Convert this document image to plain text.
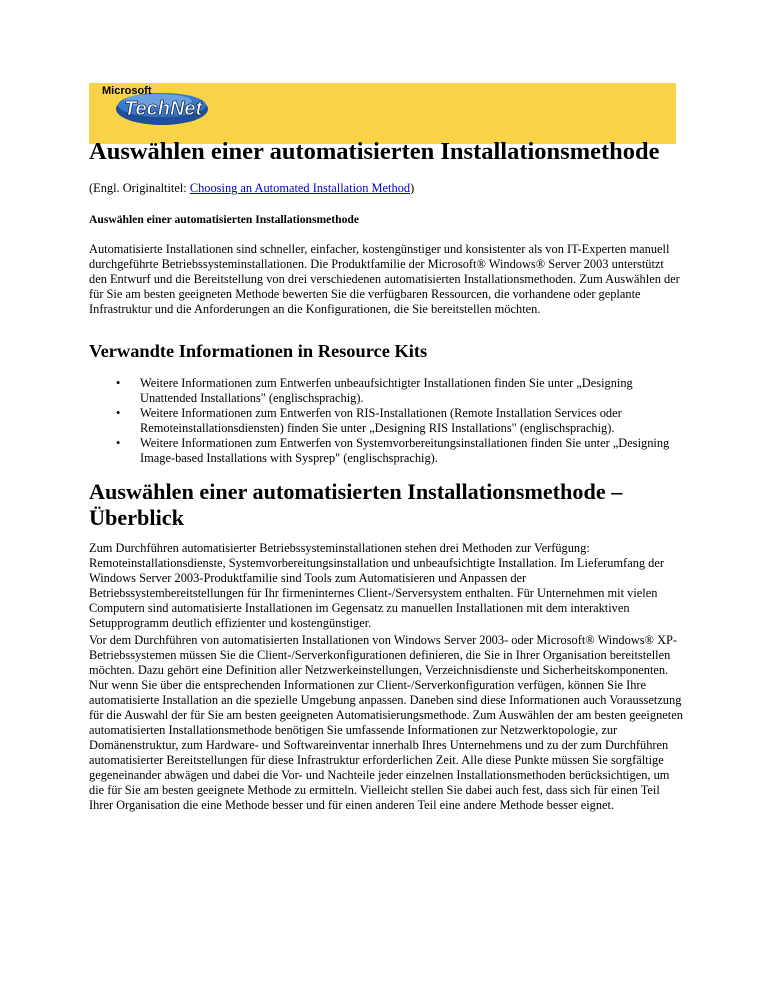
Microsoft
TechNet
Auswählen einer automatisierten Installationsmethode

(Engl. Originaltitel: Choosing an Automated Installation Method)

Auswählen einer automatisierten Installationsmethode

Automatisierte Installationen sind schneller, einfacher, kostengünstiger und konsistenter als von IT-Experten manuell durchgeführte Betriebssysteminstallationen. Die Produktfamilie der Microsoft® Windows® Server 2003 unterstützt den Entwurf und die Bereitstellung von drei verschiedenen automatisierten Installationsmethoden. Zum Auswählen der für Sie am besten geeigneten Methode bewerten Sie die verfügbaren Ressourcen, die vorhandene oder geplante Infrastruktur und die Anforderungen an die Konfigurationen, die Sie bereitstellen möchten.

Verwandte Informationen in Resource Kits
• Weitere Informationen zum Entwerfen unbeaufsichtigter Installationen finden Sie unter „Designing Unattended Installations" (englischsprachig).
• Weitere Informationen zum Entwerfen von RIS-Installationen (Remote Installation Services oder Remoteinstallationsdiensten) finden Sie unter „Designing RIS Installations" (englischsprachig).
• Weitere Informationen zum Entwerfen von Systemvorbereitungsinstallationen finden Sie unter „Designing Image-based Installations with Sysprep" (englischsprachig).
Auswählen einer automatisierten Installationsmethode – Überblick

Zum Durchführen automatisierter Betriebssysteminstallationen stehen drei Methoden zur Verfügung: Remoteinstallationsdienste, Systemvorbereitungsinstallation und unbeaufsichtigte Installation. Im Lieferumfang der Windows Server 2003-Produktfamilie sind Tools zum Automatisieren und Anpassen der Betriebssystembereitstellungen für Ihr firmeninternes Client-/Serversystem enthalten. Für Unternehmen mit vielen Computern sind automatisierte Installationen im Gegensatz zu manuellen Installationen mit dem interaktiven Setupprogramm deutlich effizienter und kostengünstiger.

Vor dem Durchführen von automatisierten Installationen von Windows Server 2003- oder Microsoft® Windows® XP-Betriebssystemen müssen Sie die Client-/Serverkonfigurationen definieren, die Sie in Ihrer Organisation bereitstellen möchten. Dazu gehört eine Definition aller Netzwerkeinstellungen, Verzeichnisdienste und Sicherheitskomponenten. Nur wenn Sie über die entsprechenden Informationen zur Client-/Serverkonfiguration verfügen, können Sie Ihre automatisierte Installation an die spezielle Umgebung anpassen. Daneben sind diese Informationen auch Voraussetzung für die Auswahl der für Sie am besten geeigneten Automatisierungsmethode. Zum Auswählen der am besten geeigneten automatisierten Installationsmethode benötigen Sie umfassende Informationen zur Netzwerktopologie, zur Domänenstruktur, zum Hardware- und Softwareinventar innerhalb Ihres Unternehmens und zu der zum Durchführen automatisierter Bereitstellungen für diese Infrastruktur erforderlichen Zeit. Alle diese Punkte müssen Sie sorgfältige gegeneinander abwägen und dabei die Vor- und Nachteile jeder einzelnen Installationsmethoden berücksichtigen, um die für Sie am besten geeignete Methode zu ermitteln. Vielleicht stellen Sie dabei auch fest, dass sich für einen Teil Ihrer Organisation die eine Methode besser und für einen anderen Teil eine andere Methode besser eignet.
